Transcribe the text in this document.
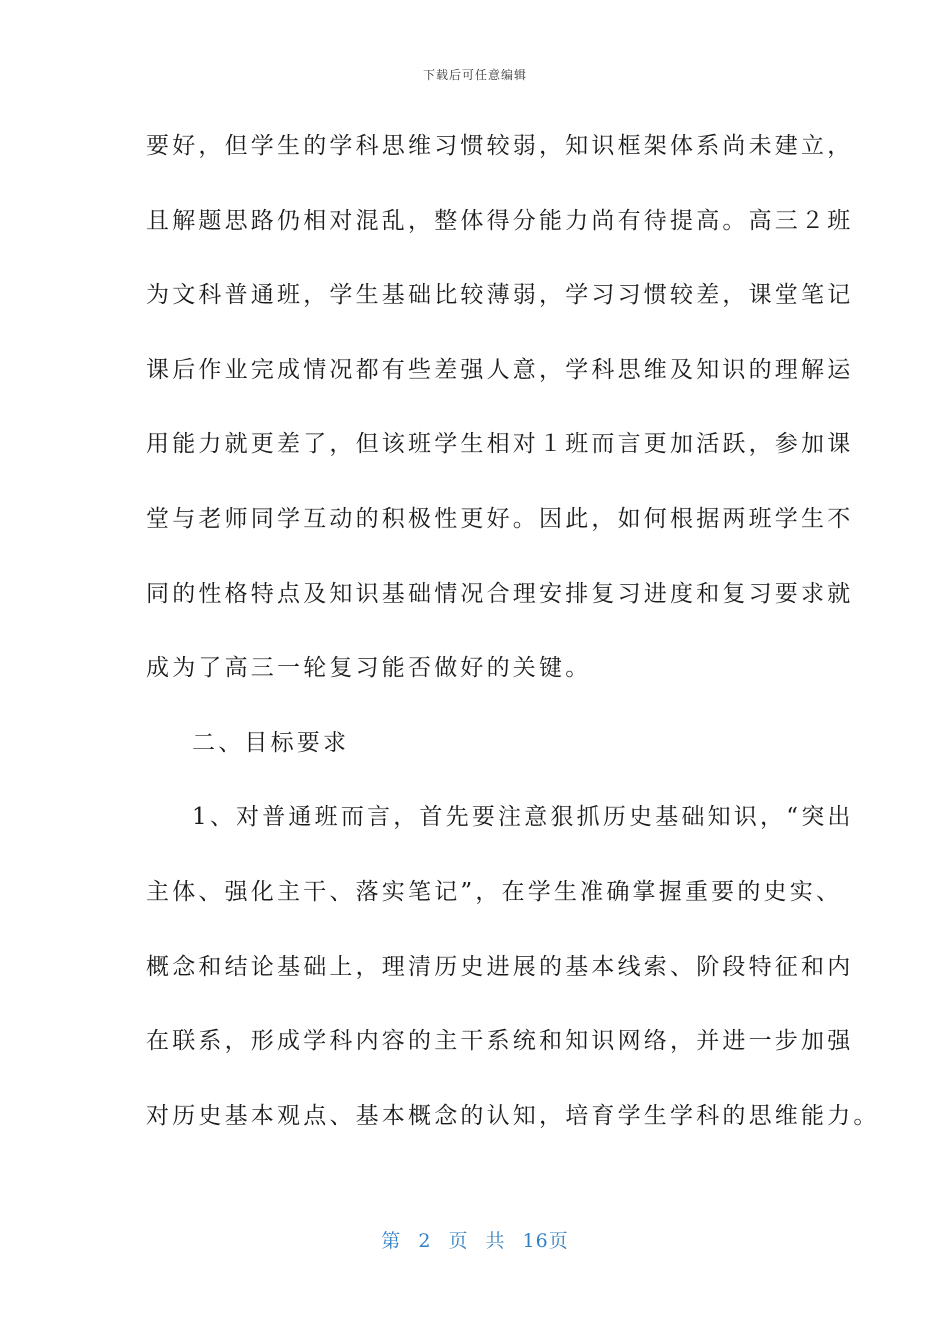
下载后可任意编辑
要好，但学生的学科思维习惯较弱，知识框架体系尚未建立，
且解题思路仍相对混乱，整体得分能力尚有待提高。高三２班
为文科普通班，学生基础比较薄弱，学习习惯较差，课堂笔记
课后作业完成情况都有些差强人意，学科思维及知识的理解运
用能力就更差了，但该班学生相对１班而言更加活跃，参加课
堂与老师同学互动的积极性更好。因此，如何根据两班学生不
同的性格特点及知识基础情况合理安排复习进度和复习要求就
成为了高三一轮复习能否做好的关键。
二、目标要求
1、对普通班而言，首先要注意狠抓历史基础知识，“突出
主体、强化主干、落实笔记”，在学生准确掌握重要的史实、
概念和结论基础上，理清历史进展的基本线索、阶段特征和内
在联系，形成学科内容的主干系统和知识网络，并进一步加强
对历史基本观点、基本概念的认知，培育学生学科的思维能力。
第 2 页 共 16页
